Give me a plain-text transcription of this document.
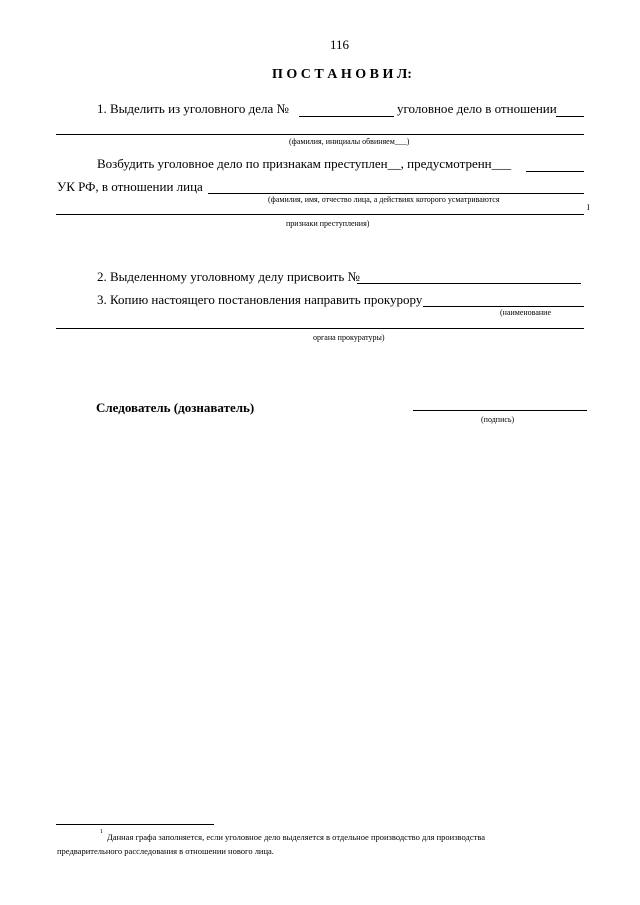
116
П О С Т А Н О В И Л:
1. Выделить из уголовного дела №	уголовное дело в отношении
(фамилия, инициалы обвиняем___)
Возбудить уголовное дело по признакам преступлен__, предусмотренн___
УК РФ, в отношении лица
(фамилия, имя, отчество лица, а действиях которого усматриваются
I
признаки преступления)
2. Выделенному уголовному делу присвоить №
3. Копию настоящего постановления направить прокурору
(наименование
органа прокуратуры)
Следователь (дознаватель)
(подпись)
1 Данная графа заполняется, если уголовное дело выделяется в отдельное производство для производства
предварительного расследования в отношении нового лица.
